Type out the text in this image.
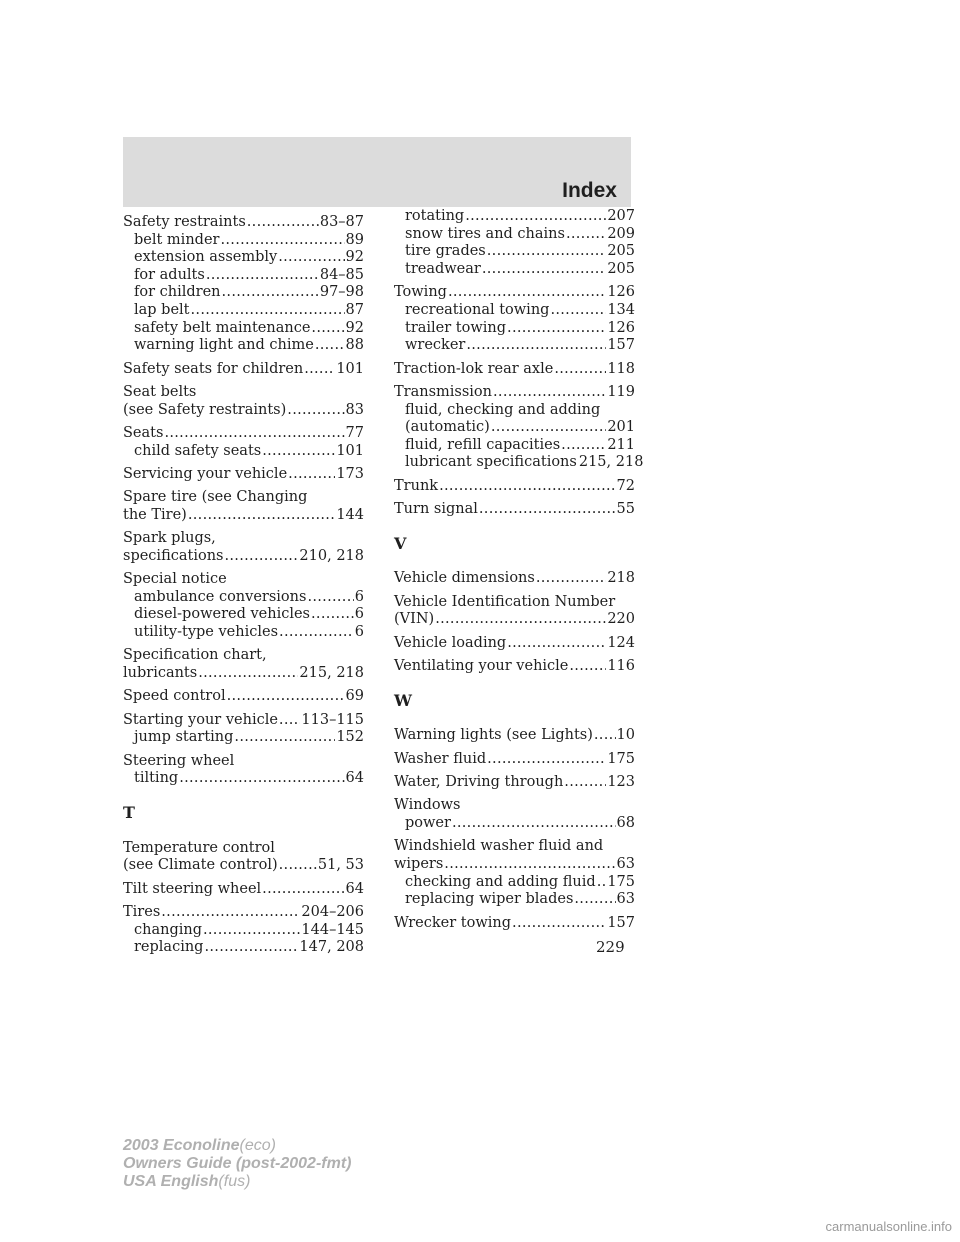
Index
Safety restraints .....	83–87
belt minder .....	89
extension assembly .....	92
for adults .....	84–85
for children .....	97–98
lap belt .....	87
safety belt maintenance ..... 92
warning light and chime ..... 88
Safety seats for children ..... 101
Seat belts
(see Safety restraints) .....	83
Seats .....	77
child safety seats .....	101
Servicing your vehicle .....	173
Spare tire (see Changing
the Tire) .....	144
Spark plugs,
specifications .....	210, 218
Special notice
ambulance conversions .....	6
diesel-powered vehicles .....	6
utility-type vehicles .....	6
Specification chart,
lubricants .....	215, 218
Speed control .....	69
Starting your vehicle ..... 113–115
jump starting .....	152
Steering wheel
tilting .....	64
T
Temperature control
(see Climate control) .....	51, 53
Tilt steering wheel .....	64
Tires .....	204–206
changing .....	144–145
replacing .....	147, 208
rotating .....	207
snow tires and chains .....	209
tire grades .....	205
treadwear .....	205
Towing .....	126
recreational towing .....	134
trailer towing .....	126
wrecker .....	157
Traction-lok rear axle .....	118
Transmission .....	119
fluid, checking and adding
(automatic) .....	201
fluid, refill capacities .....	211
lubricant specifications 215, 218
Trunk .....	72
Turn signal .....	55
V
Vehicle dimensions .....	218
Vehicle Identification Number
(VIN) .....	220
Vehicle loading .....	124
Ventilating your vehicle .....	116
W
Warning lights (see Lights) ..... 10
Washer fluid .....	175
Water, Driving through .....	123
Windows
power .....	68
Windshield washer fluid and
wipers .....	63
checking and adding fluid ..... 175
replacing wiper blades .....	63
Wrecker towing .....	157
229
2003 Econoline(eco)
Owners Guide (post-2002-fmt)
USA English(fus)
carmanualsonline.info
